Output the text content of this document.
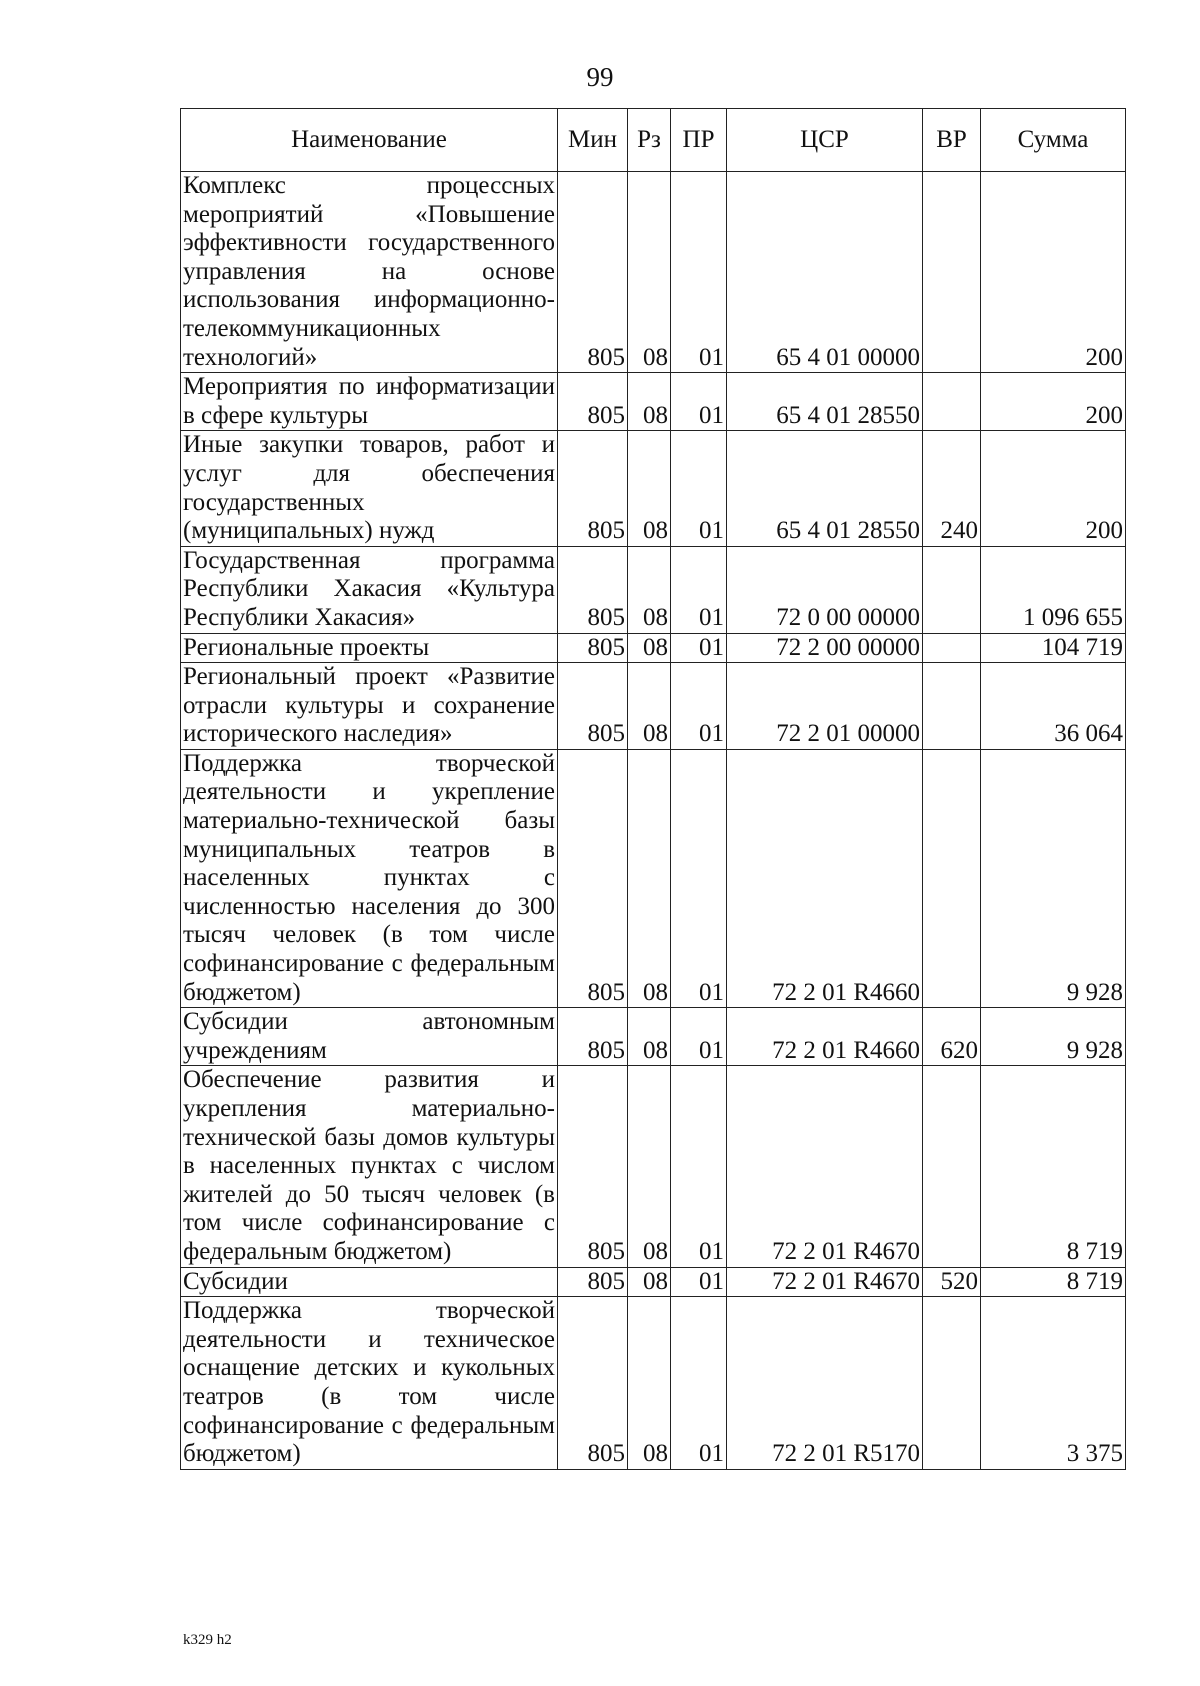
99
Наименование	Мин	Рз	ПР	ЦСР	ВР	Сумма
Комплекс процессных мероприятий «Повышение эффективности государственного управления на основе использования информационно-телекоммуникационных технологий»	805	08	01	65 4 01 00000		200
Мероприятия по информатизации в сфере культуры	805	08	01	65 4 01 28550		200
Иные закупки товаров, работ и услуг для обеспечения государственных (муниципальных) нужд	805	08	01	65 4 01 28550	240	200
Государственная программа Республики Хакасия «Культура Республики Хакасия»	805	08	01	72 0 00 00000		1 096 655
Региональные проекты	805	08	01	72 2 00 00000		104 719
Региональный проект «Развитие отрасли культуры и сохранение исторического наследия»	805	08	01	72 2 01 00000		36 064
Поддержка творческой деятельности и укрепление материально-технической базы муниципальных театров в населенных пунктах с численностью населения до 300 тысяч человек (в том числе софинансирование с федеральным бюджетом)	805	08	01	72 2 01 R4660		9 928
Субсидии автономным учреждениям	805	08	01	72 2 01 R4660	620	9 928
Обеспечение развития и укрепления материально-технической базы домов культуры в населенных пунктах с числом жителей до 50 тысяч человек (в том числе софинансирование с федеральным бюджетом)	805	08	01	72 2 01 R4670		8 719
Субсидии	805	08	01	72 2 01 R4670	520	8 719
Поддержка творческой деятельности и техническое оснащение детских и кукольных театров (в том числе софинансирование с федеральным бюджетом)	805	08	01	72 2 01 R5170		3 375
k329 h2
